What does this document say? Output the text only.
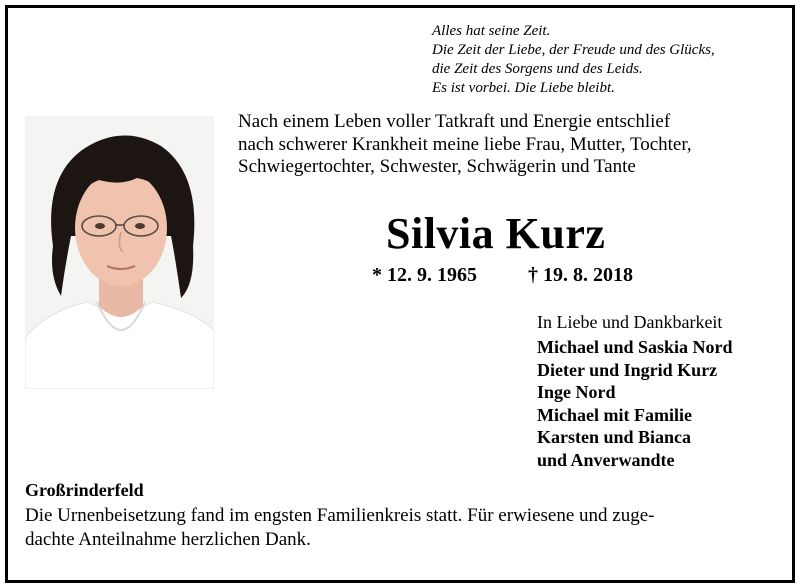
Alles hat seine Zeit.
Die Zeit der Liebe, der Freude und des Glücks,
die Zeit des Sorgens und des Leids.
Es ist vorbei. Die Liebe bleibt.
Nach einem Leben voller Tatkraft und Energie entschlief
nach schwerer Krankheit meine liebe Frau, Mutter, Tochter,
Schwiegertochter, Schwester, Schwägerin und Tante
Silvia Kurz
* 12. 9. 1965	† 19. 8. 2018
In Liebe und Dankbarkeit
Michael und Saskia Nord
Dieter und Ingrid Kurz
Inge Nord
Michael mit Familie
Karsten und Bianca
und Anverwandte
Großrinderfeld
Die Urnenbeisetzung fand im engsten Familienkreis statt. Für erwiesene und zuge-
dachte Anteilnahme herzlichen Dank.
